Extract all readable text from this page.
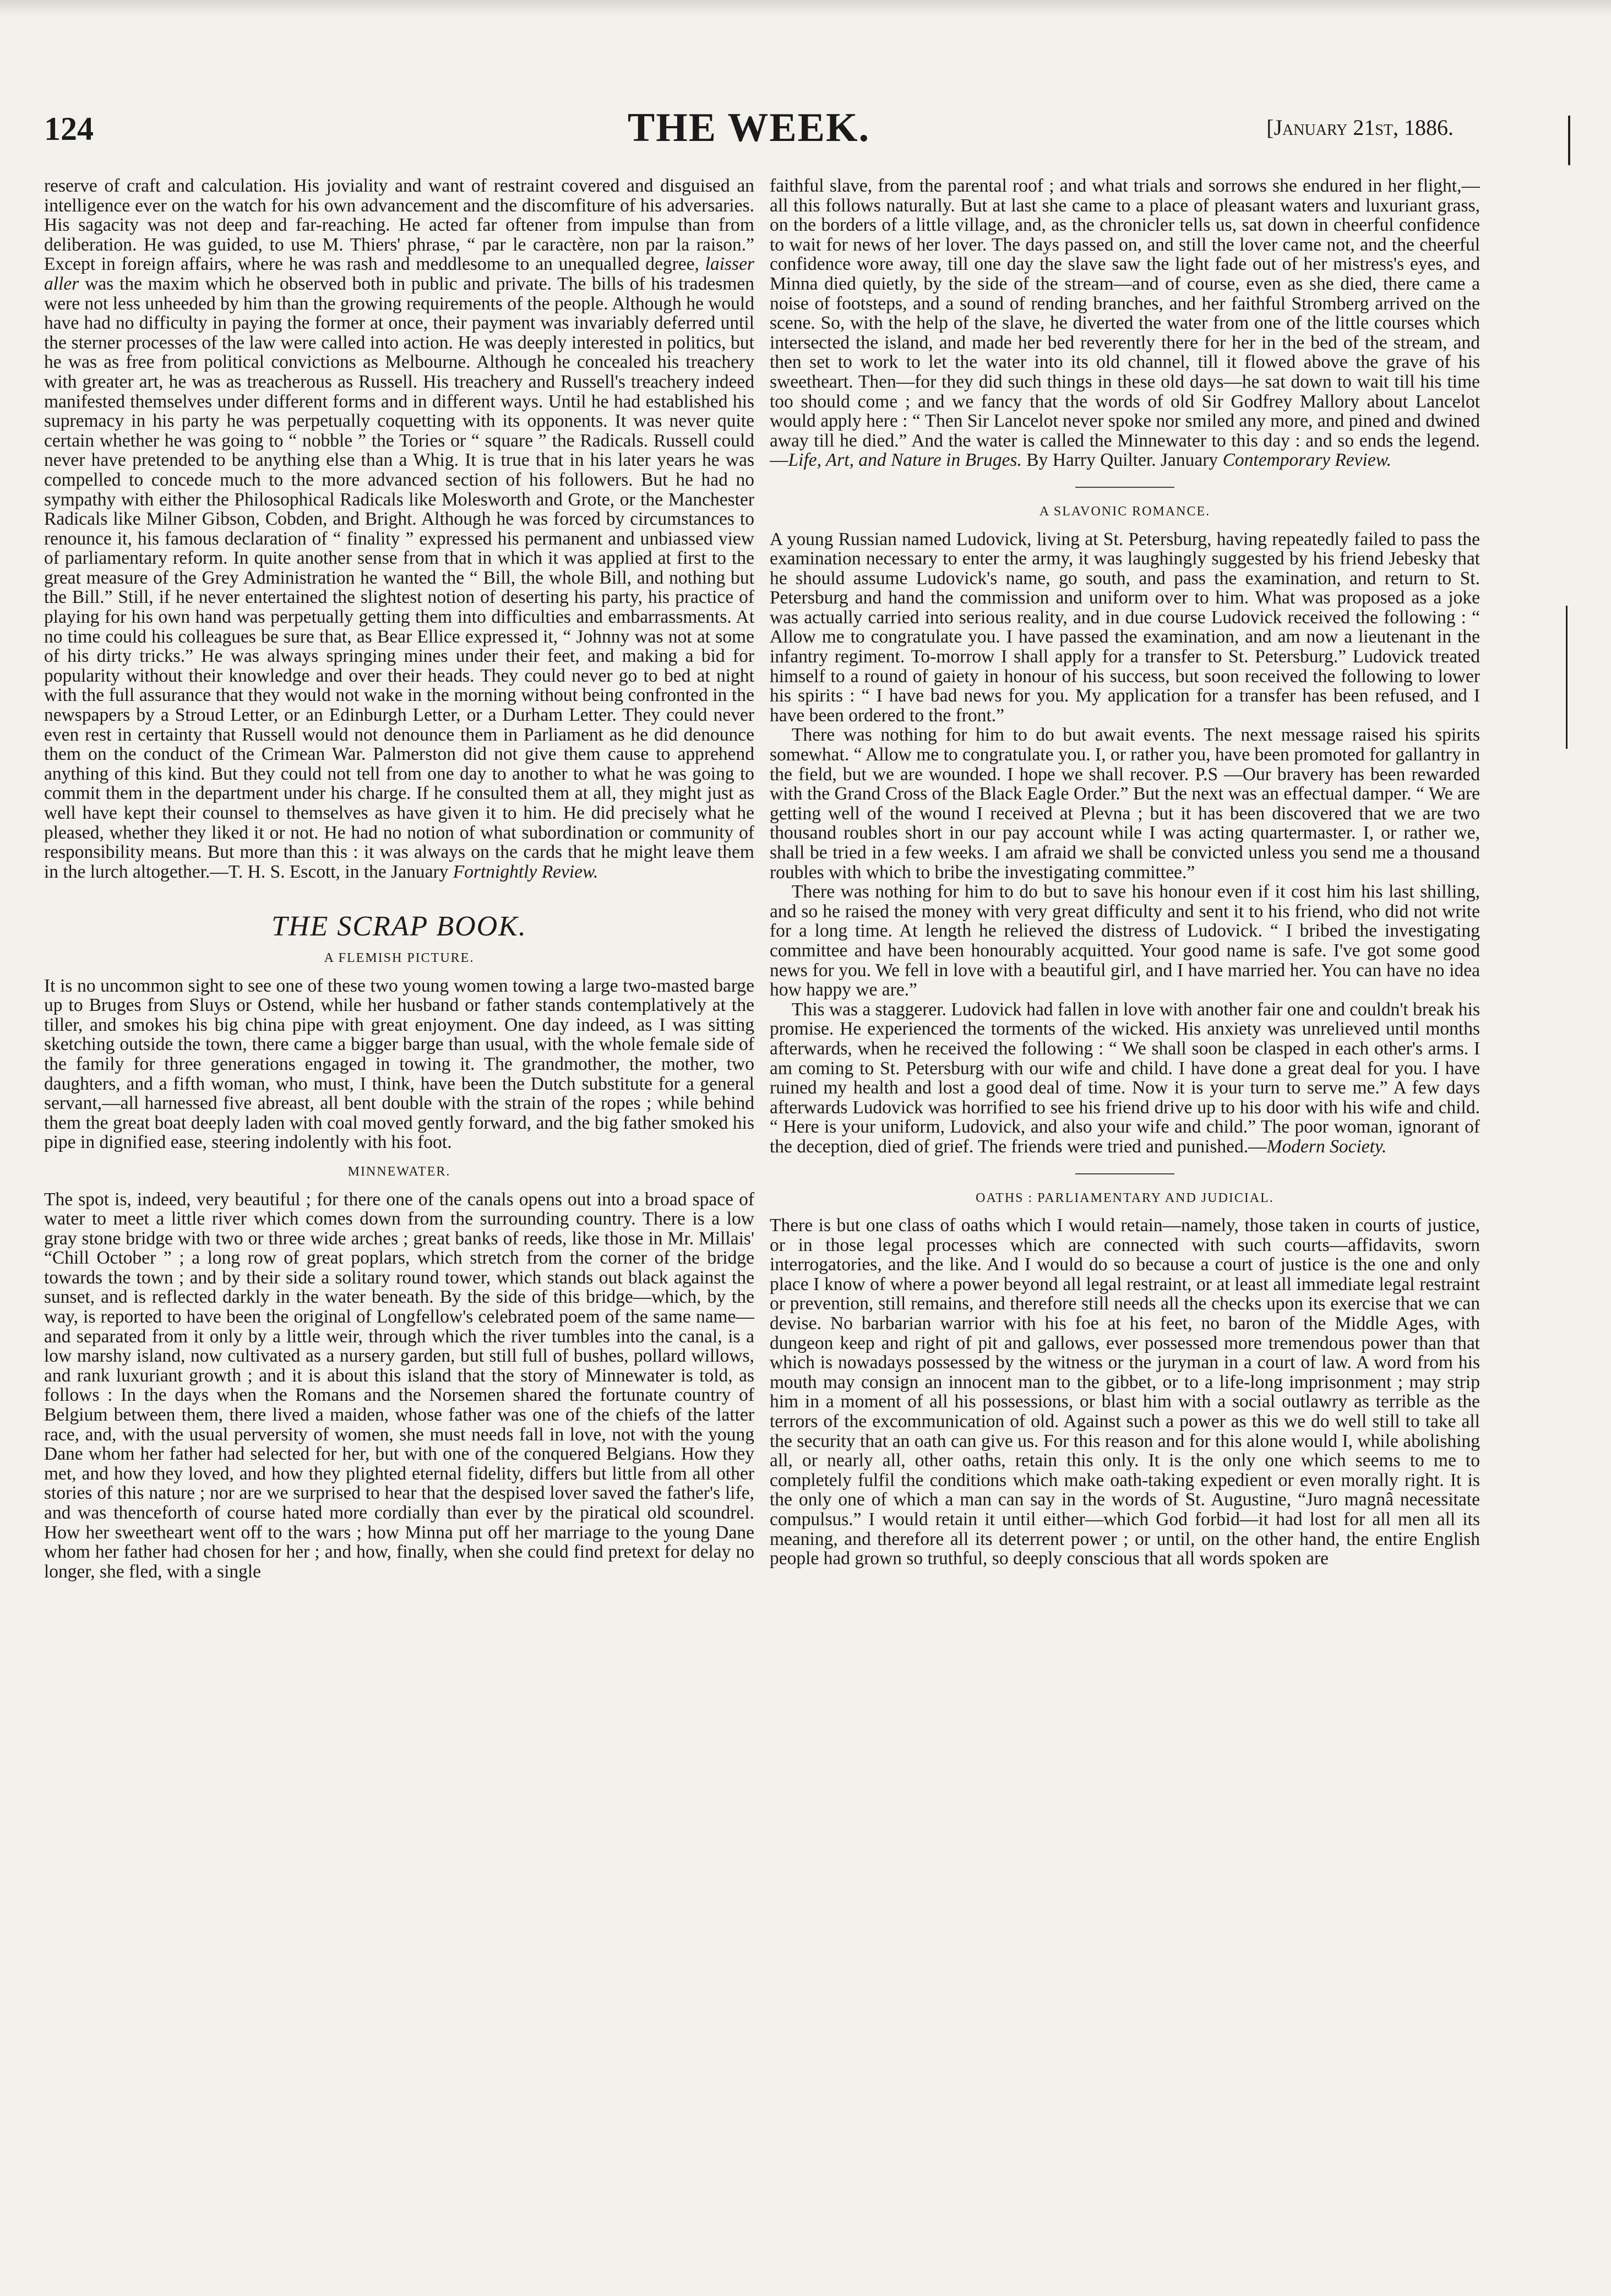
124	THE WEEK.	[January 21st, 1886.

reserve of craft and calculation. His joviality and want of restraint covered and disguised an intelligence ever on the watch for his own advancement and the discomfiture of his adversaries. His sagacity was not deep and far-reaching. He acted far oftener from impulse than from deliberation. He was guided, to use M. Thiers' phrase, “ par le caractère, non par la raison.” Except in foreign affairs, where he was rash and meddlesome to an unequalled degree, laisser aller was the maxim which he observed both in public and private. The bills of his tradesmen were not less unheeded by him than the growing requirements of the people. Although he would have had no difficulty in paying the former at once, their payment was invariably deferred until the sterner processes of the law were called into action. He was deeply interested in politics, but he was as free from political convictions as Melbourne. Although he concealed his treachery with greater art, he was as treacherous as Russell. His treachery and Russell's treachery indeed manifested themselves under different forms and in different ways. Until he had established his supremacy in his party he was perpetually coquetting with its opponents. It was never quite certain whether he was going to “ nobble ” the Tories or “ square ” the Radicals. Russell could never have pretended to be anything else than a Whig. It is true that in his later years he was compelled to concede much to the more advanced section of his followers. But he had no sympathy with either the Philosophical Radicals like Molesworth and Grote, or the Manchester Radicals like Milner Gibson, Cobden, and Bright. Although he was forced by circumstances to renounce it, his famous declaration of “ finality ” expressed his permanent and unbiassed view of parliamentary reform. In quite another sense from that in which it was applied at first to the great measure of the Grey Administration he wanted the “ Bill, the whole Bill, and nothing but the Bill.” Still, if he never entertained the slightest notion of deserting his party, his practice of playing for his own hand was perpetually getting them into difficulties and embarrassments. At no time could his colleagues be sure that, as Bear Ellice expressed it, “ Johnny was not at some of his dirty tricks.” He was always springing mines under their feet, and making a bid for popularity without their knowledge and over their heads. They could never go to bed at night with the full assurance that they would not wake in the morning without being confronted in the newspapers by a Stroud Letter, or an Edinburgh Letter, or a Durham Letter. They could never even rest in certainty that Russell would not denounce them in Parliament as he did denounce them on the conduct of the Crimean War. Palmerston did not give them cause to apprehend anything of this kind. But they could not tell from one day to another to what he was going to commit them in the department under his charge. If he consulted them at all, they might just as well have kept their counsel to themselves as have given it to him. He did precisely what he pleased, whether they liked it or not. He had no notion of what subordination or community of responsibility means. But more than this : it was always on the cards that he might leave them in the lurch altogether.—T. H. S. Escott, in the January Fortnightly Review.

THE SCRAP BOOK.
A FLEMISH PICTURE.

It is no uncommon sight to see one of these two young women towing a large two-masted barge up to Bruges from Sluys or Ostend, while her husband or father stands contemplatively at the tiller, and smokes his big china pipe with great enjoyment. One day indeed, as I was sitting sketching outside the town, there came a bigger barge than usual, with the whole female side of the family for three generations engaged in towing it. The grandmother, the mother, two daughters, and a fifth woman, who must, I think, have been the Dutch substitute for a general servant,—all harnessed five abreast, all bent double with the strain of the ropes ; while behind them the great boat deeply laden with coal moved gently forward, and the big father smoked his pipe in dignified ease, steering indolently with his foot.

MINNEWATER.

The spot is, indeed, very beautiful ; for there one of the canals opens out into a broad space of water to meet a little river which comes down from the surrounding country. There is a low gray stone bridge with two or three wide arches ; great banks of reeds, like those in Mr. Millais' “Chill October ” ; a long row of great poplars, which stretch from the corner of the bridge towards the town ; and by their side a solitary round tower, which stands out black against the sunset, and is reflected darkly in the water beneath. By the side of this bridge—which, by the way, is reported to have been the original of Longfellow's celebrated poem of the same name—and separated from it only by a little weir, through which the river tumbles into the canal, is a low marshy island, now cultivated as a nursery garden, but still full of bushes, pollard willows, and rank luxuriant growth ; and it is about this island that the story of Minnewater is told, as follows : In the days when the Romans and the Norsemen shared the fortunate country of Belgium between them, there lived a maiden, whose father was one of the chiefs of the latter race, and, with the usual perversity of women, she must needs fall in love, not with the young Dane whom her father had selected for her, but with one of the conquered Belgians. How they met, and how they loved, and how they plighted eternal fidelity, differs but little from all other stories of this nature ; nor are we surprised to hear that the despised lover saved the father's life, and was thenceforth of course hated more cordially than ever by the piratical old scoundrel. How her sweetheart went off to the wars ; how Minna put off her marriage to the young Dane whom her father had chosen for her ; and how, finally, when she could find pretext for delay no longer, she fled, with a single

faithful slave, from the parental roof ; and what trials and sorrows she endured in her flight,—all this follows naturally. But at last she came to a place of pleasant waters and luxuriant grass, on the borders of a little village, and, as the chronicler tells us, sat down in cheerful confidence to wait for news of her lover. The days passed on, and still the lover came not, and the cheerful confidence wore away, till one day the slave saw the light fade out of her mistress's eyes, and Minna died quietly, by the side of the stream—and of course, even as she died, there came a noise of footsteps, and a sound of rending branches, and her faithful Stromberg arrived on the scene. So, with the help of the slave, he diverted the water from one of the little courses which intersected the island, and made her bed reverently there for her in the bed of the stream, and then set to work to let the water into its old channel, till it flowed above the grave of his sweetheart. Then—for they did such things in these old days—he sat down to wait till his time too should come ; and we fancy that the words of old Sir Godfrey Mallory about Lancelot would apply here : “ Then Sir Lancelot never spoke nor smiled any more, and pined and dwined away till he died.” And the water is called the Minnewater to this day : and so ends the legend.—Life, Art, and Nature in Bruges. By Harry Quilter. January Contemporary Review.

A SLAVONIC ROMANCE.

A young Russian named Ludovick, living at St. Petersburg, having repeatedly failed to pass the examination necessary to enter the army, it was laughingly suggested by his friend Jebesky that he should assume Ludovick's name, go south, and pass the examination, and return to St. Petersburg and hand the commission and uniform over to him. What was proposed as a joke was actually carried into serious reality, and in due course Ludovick received the following : “ Allow me to congratulate you. I have passed the examination, and am now a lieutenant in the infantry regiment. To-morrow I shall apply for a transfer to St. Petersburg.” Ludovick treated himself to a round of gaiety in honour of his success, but soon received the following to lower his spirits : “ I have bad news for you. My application for a transfer has been refused, and I have been ordered to the front.”

There was nothing for him to do but await events. The next message raised his spirits somewhat. “ Allow me to congratulate you. I, or rather you, have been promoted for gallantry in the field, but we are wounded. I hope we shall recover. P.S —Our bravery has been rewarded with the Grand Cross of the Black Eagle Order.” But the next was an effectual damper. “ We are getting well of the wound I received at Plevna ; but it has been discovered that we are two thousand roubles short in our pay account while I was acting quartermaster. I, or rather we, shall be tried in a few weeks. I am afraid we shall be convicted unless you send me a thousand roubles with which to bribe the investigating committee.”

There was nothing for him to do but to save his honour even if it cost him his last shilling, and so he raised the money with very great difficulty and sent it to his friend, who did not write for a long time. At length he relieved the distress of Ludovick. “ I bribed the investigating committee and have been honourably acquitted. Your good name is safe. I've got some good news for you. We fell in love with a beautiful girl, and I have married her. You can have no idea how happy we are.”

This was a staggerer. Ludovick had fallen in love with another fair one and couldn't break his promise. He experienced the torments of the wicked. His anxiety was unrelieved until months afterwards, when he received the following : “ We shall soon be clasped in each other's arms. I am coming to St. Petersburg with our wife and child. I have done a great deal for you. I have ruined my health and lost a good deal of time. Now it is your turn to serve me.” A few days afterwards Ludovick was horrified to see his friend drive up to his door with his wife and child. “ Here is your uniform, Ludovick, and also your wife and child.” The poor woman, ignorant of the deception, died of grief. The friends were tried and punished.—Modern Society.

OATHS : PARLIAMENTARY AND JUDICIAL.

There is but one class of oaths which I would retain—namely, those taken in courts of justice, or in those legal processes which are connected with such courts—affidavits, sworn interrogatories, and the like. And I would do so because a court of justice is the one and only place I know of where a power beyond all legal restraint, or at least all immediate legal restraint or prevention, still remains, and therefore still needs all the checks upon its exercise that we can devise. No barbarian warrior with his foe at his feet, no baron of the Middle Ages, with dungeon keep and right of pit and gallows, ever possessed more tremendous power than that which is nowadays possessed by the witness or the juryman in a court of law. A word from his mouth may consign an innocent man to the gibbet, or to a life-long imprisonment ; may strip him in a moment of all his possessions, or blast him with a social outlawry as terrible as the terrors of the excommunication of old. Against such a power as this we do well still to take all the security that an oath can give us. For this reason and for this alone would I, while abolishing all, or nearly all, other oaths, retain this only. It is the only one which seems to me to completely fulfil the conditions which make oath-taking expedient or even morally right. It is the only one of which a man can say in the words of St. Augustine, “Juro magnâ necessitate compulsus.” I would retain it until either—which God forbid—it had lost for all men all its meaning, and therefore all its deterrent power ; or until, on the other hand, the entire English people had grown so truthful, so deeply conscious that all words spoken are
